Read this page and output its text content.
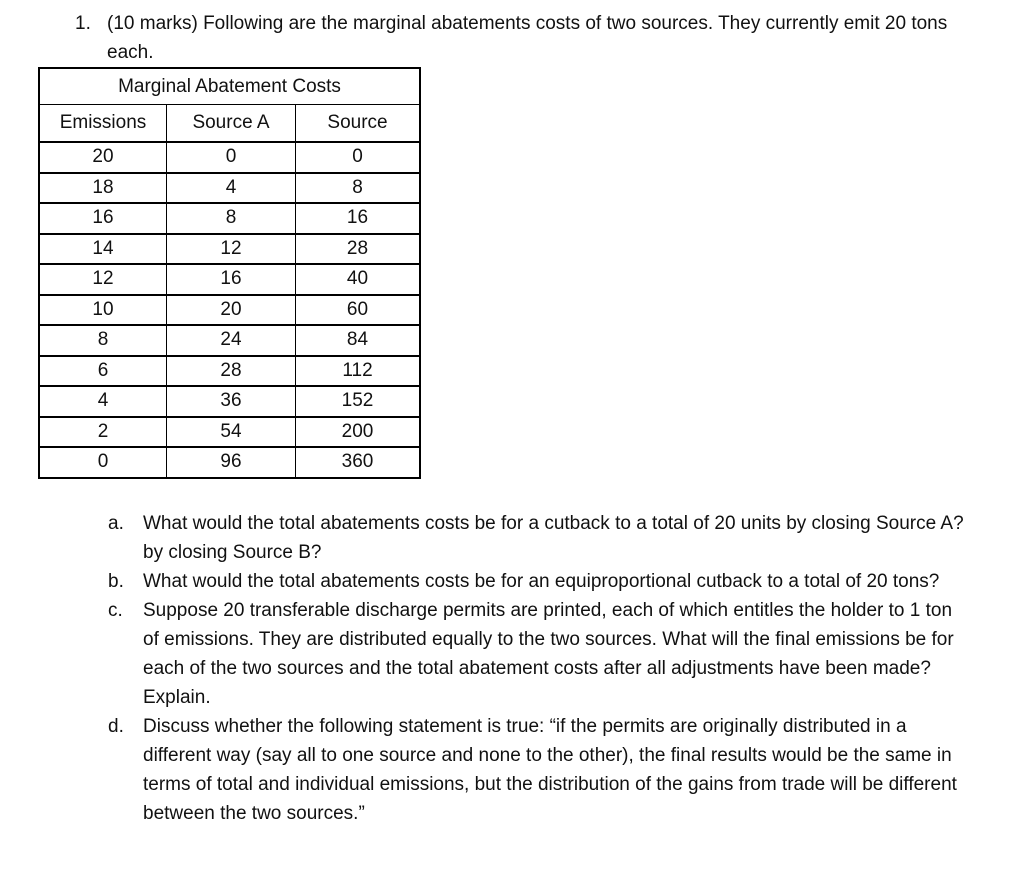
1. (10 marks) Following are the marginal abatements costs of two sources. They currently emit 20 tons each.
Marginal Abatement Costs		
Emissions	Source A	Source
20	0	0
18	4	8
16	8	16
14	12	28
12	16	40
10	20	60
8	24	84
6	28	112
4	36	152
2	54	200
0	96	360
a. What would the total abatements costs be for a cutback to a total of 20 units by closing Source A? by closing Source B?
b. What would the total abatements costs be for an equiproportional cutback to a total of 20 tons?
c. Suppose 20 transferable discharge permits are printed, each of which entitles the holder to 1 ton of emissions. They are distributed equally to the two sources. What will the final emissions be for each of the two sources and the total abatement costs after all adjustments have been made? Explain.
d. Discuss whether the following statement is true: “if the permits are originally distributed in a different way (say all to one source and none to the other), the final results would be the same in terms of total and individual emissions, but the distribution of the gains from trade will be different between the two sources.”
